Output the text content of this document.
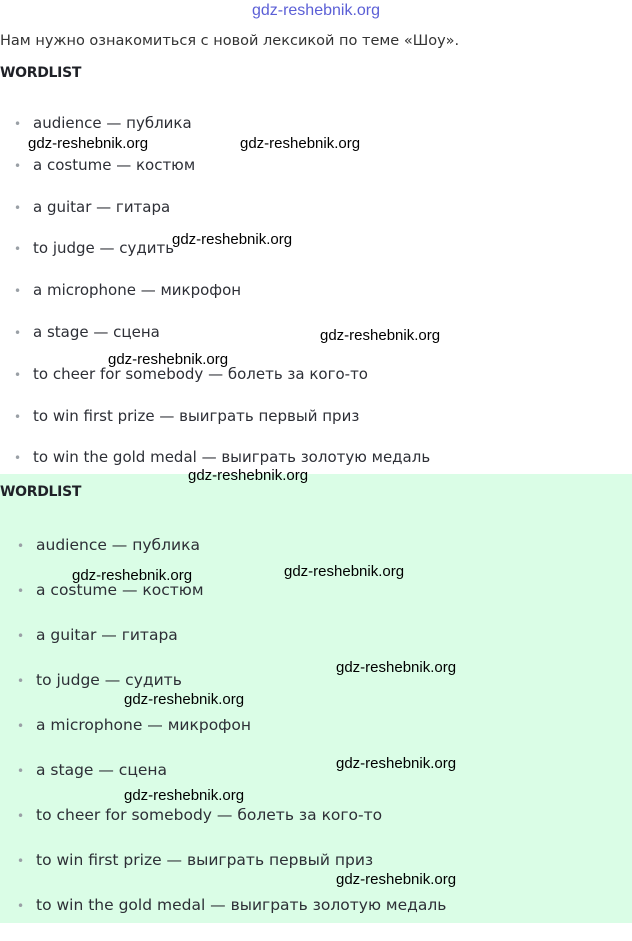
gdz-reshebnik.org
Нам нужно ознакомиться с новой лексикой по теме «Шоу».
WORDLIST
• audience — публика
• a costume — костюм
• a guitar — гитара
• to judge — судить
• a microphone — микрофон
• a stage — сцена
• to cheer for somebody — болеть за кого-то
• to win first prize — выиграть первый приз
• to win the gold medal — выиграть золотую медаль
WORDLIST
• audience — публика
• a costume — костюм
• a guitar — гитара
• to judge — судить
• a microphone — микрофон
• a stage — сцена
• to cheer for somebody — болеть за кого-то
• to win first prize — выиграть первый приз
• to win the gold medal — выиграть золотую медаль
gdz-reshebnik.org	gdz-reshebnik.org
gdz-reshebnik.org
gdz-reshebnik.org
gdz-reshebnik.org
gdz-reshebnik.org
gdz-reshebnik.org	gdz-reshebnik.org
gdz-reshebnik.org
gdz-reshebnik.org
gdz-reshebnik.org
gdz-reshebnik.org
gdz-reshebnik.org
